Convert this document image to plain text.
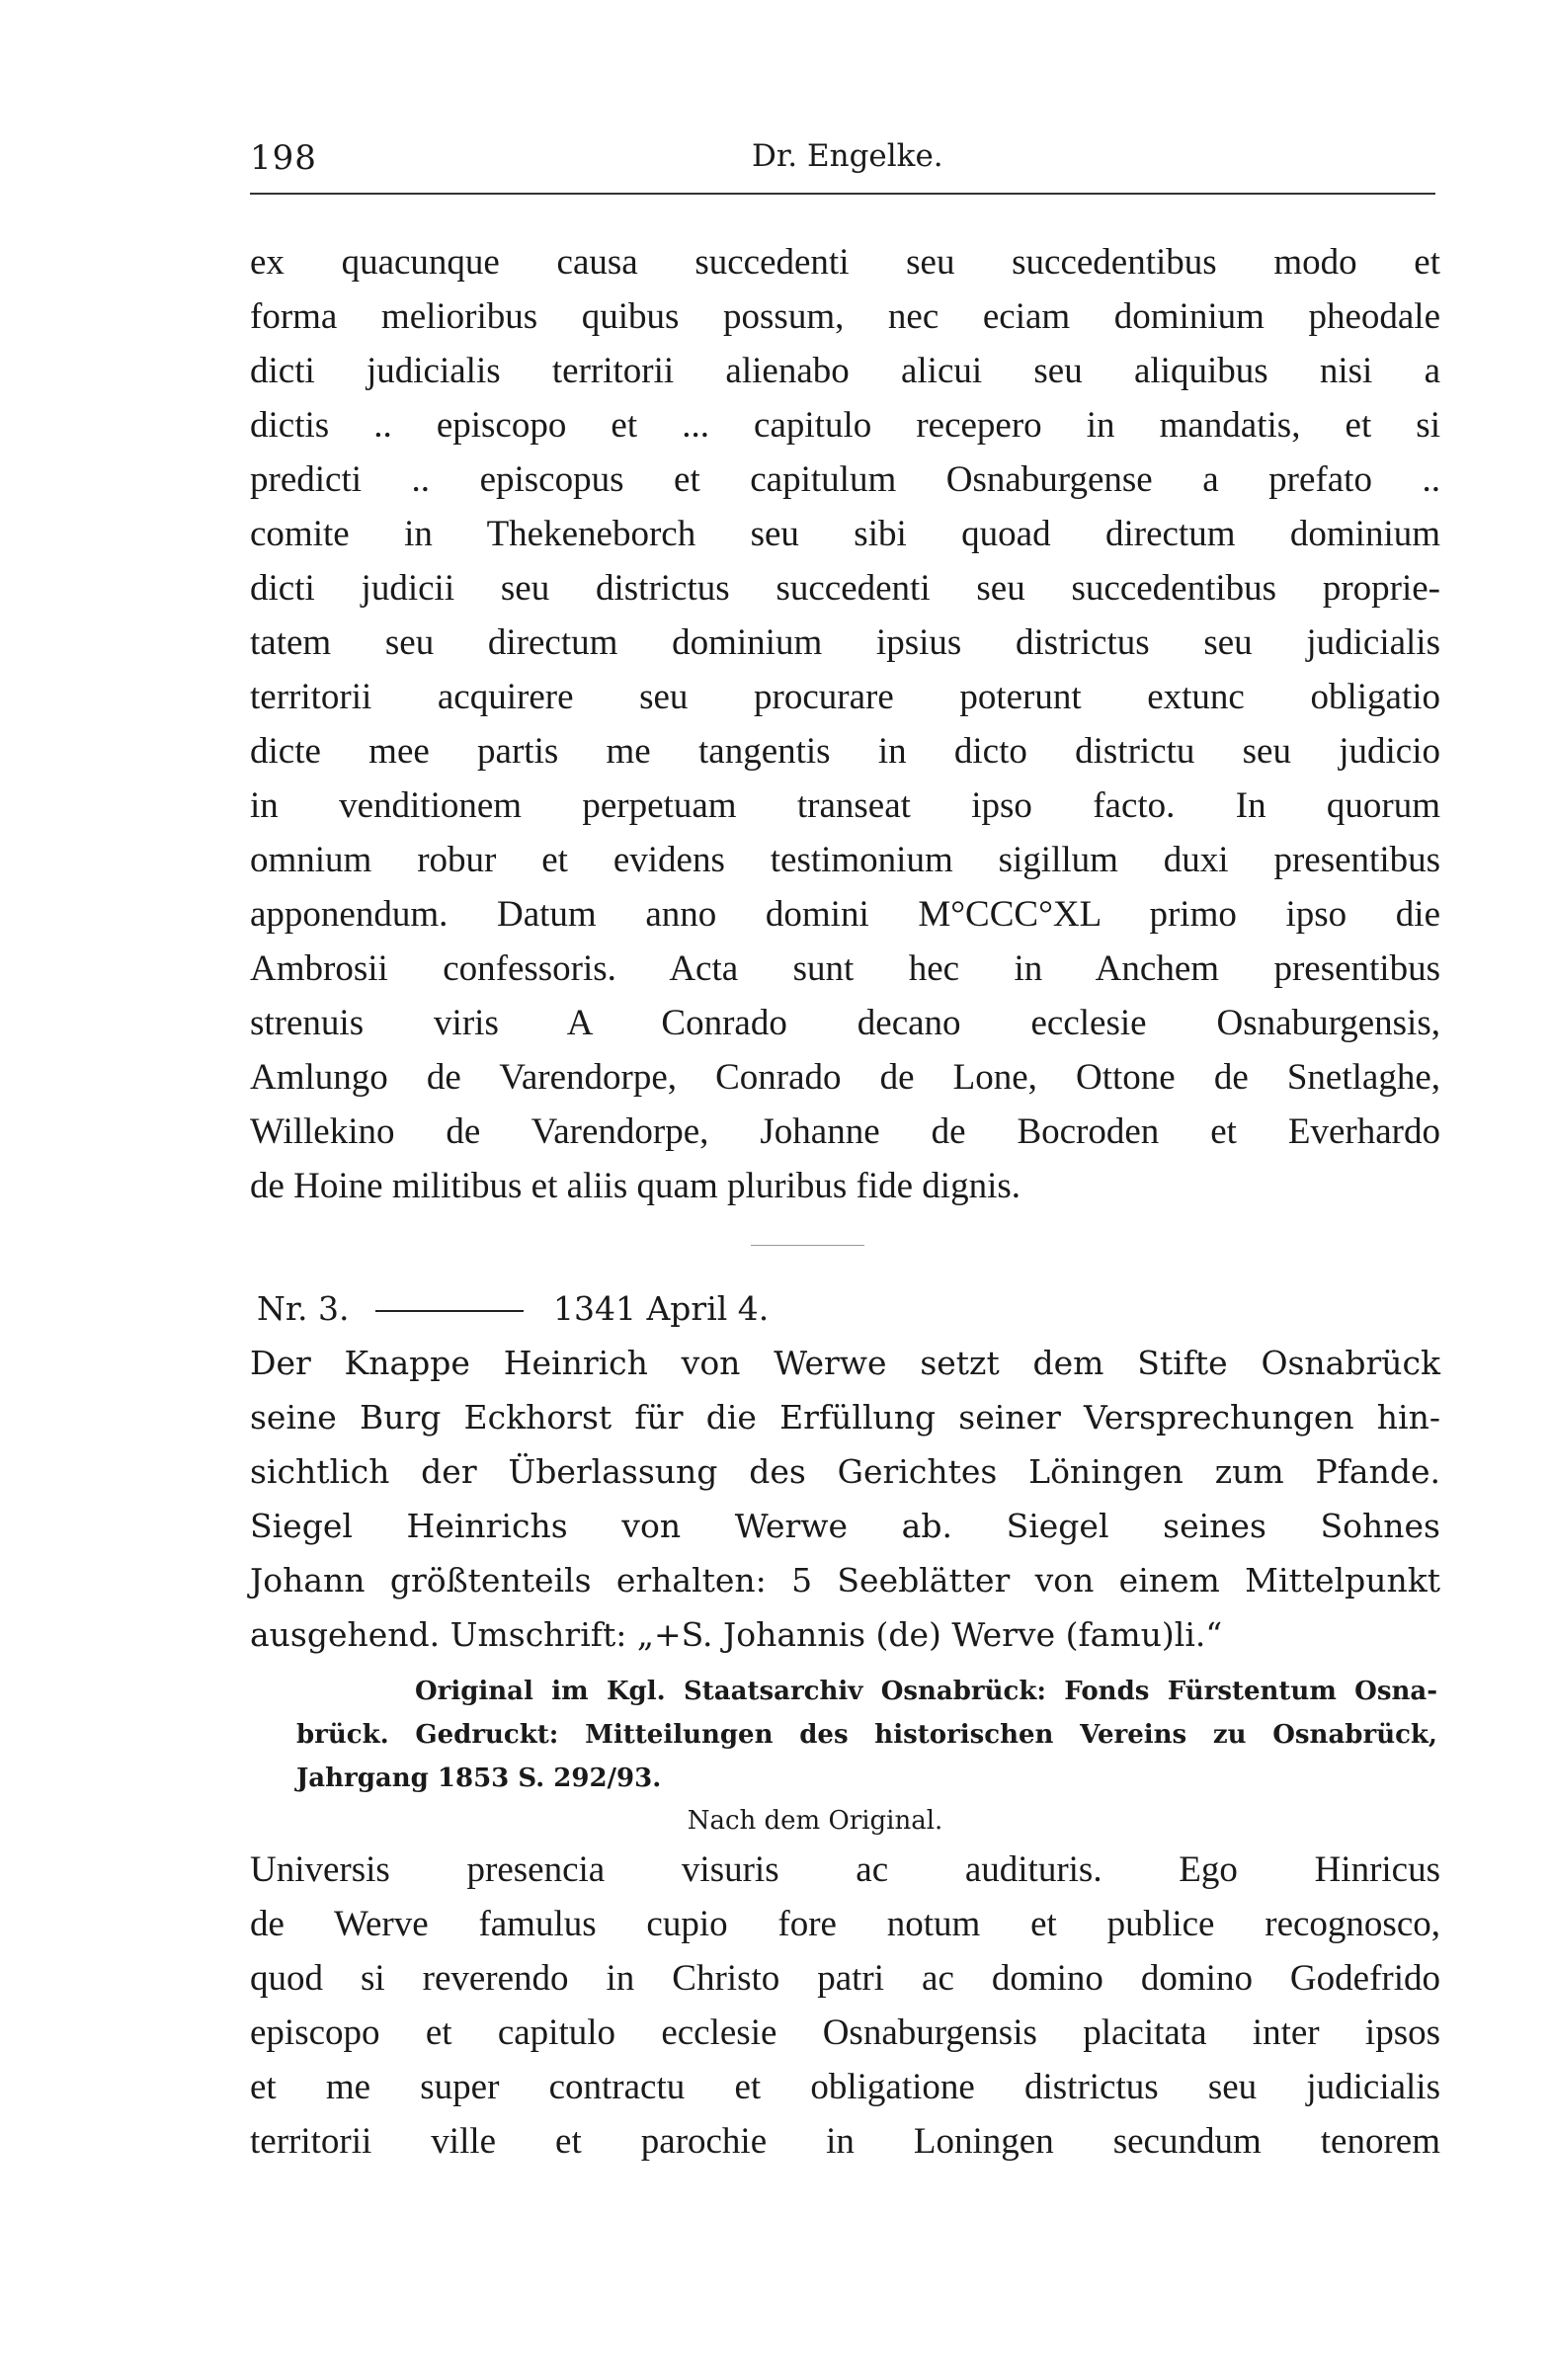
198	Dr. Engelke.
ex quacunque causa succedenti seu succedentibus modo et
forma melioribus quibus possum, nec eciam dominium pheodale
dicti judicialis territorii alienabo alicui seu aliquibus nisi a
dictis .. episcopo et ... capitulo recepero in mandatis, et si
predicti .. episcopus et capitulum Osnaburgense a prefato ..
comite in Thekeneborch seu sibi quoad directum dominium
dicti judicii seu districtus succedenti seu succedentibus proprie-
tatem seu directum dominium ipsius districtus seu judicialis
territorii acquirere seu procurare poterunt extunc obligatio
dicte mee partis me tangentis in dicto districtu seu judicio
in venditionem perpetuam transeat ipso facto. In quorum
omnium robur et evidens testimonium sigillum duxi presentibus
apponendum. Datum anno domini M°CCC°XL primo ipso die
Ambrosii confessoris. Acta sunt hec in Anchem presentibus
strenuis viris A Conrado decano ecclesie Osnaburgensis,
Amlungo de Varendorpe, Conrado de Lone, Ottone de Snetlaghe,
Willekino de Varendorpe, Johanne de Bocroden et Everhardo
de Hoine militibus et aliis quam pluribus fide dignis.
Nr. 3.	1341 April 4.
Der Knappe Heinrich von Werwe setzt dem Stifte Osnabrück
seine Burg Eckhorst für die Erfüllung seiner Versprechungen hin-
sichtlich der Überlassung des Gerichtes Löningen zum Pfande.
Siegel Heinrichs von Werwe ab. Siegel seines Sohnes
Johann größtenteils erhalten: 5 Seeblätter von einem Mittelpunkt
ausgehend. Umschrift: „+S. Johannis (de) Werve (famu)li.“
Original im Kgl. Staatsarchiv Osnabrück: Fonds Fürstentum Osna-
brück. Gedruckt: Mitteilungen des historischen Vereins zu Osnabrück,
Jahrgang 1853 S. 292/93.
Nach dem Original.
Universis presencia visuris ac audituris. Ego Hinricus
de Werve famulus cupio fore notum et publice recognosco,
quod si reverendo in Christo patri ac domino domino Godefrido
episcopo et capitulo ecclesie Osnaburgensis placitata inter ipsos
et me super contractu et obligatione districtus seu judicialis
territorii ville et parochie in Loningen secundum tenorem
